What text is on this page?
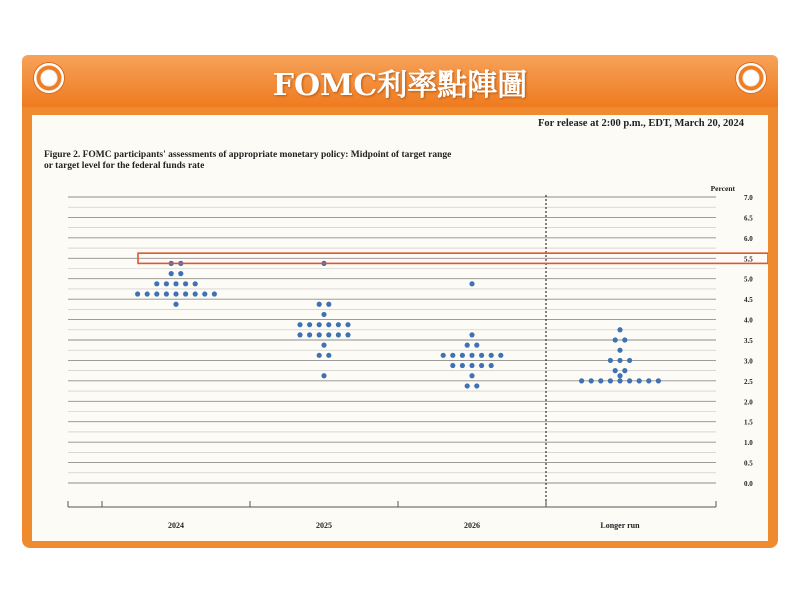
FOMC利率點陣圖
For release at 2:00 p.m., EDT, March 20, 2024
Figure 2. FOMC participants' assessments of appropriate monetary policy: Midpoint of target range
or target level for the federal funds rate
Percent
0.0
0.5
1.0
1.5
2.0
2.5
3.0
3.5
4.0
4.5
5.0
5.5
6.0
6.5
7.0
2024	2025	2026	Longer run
